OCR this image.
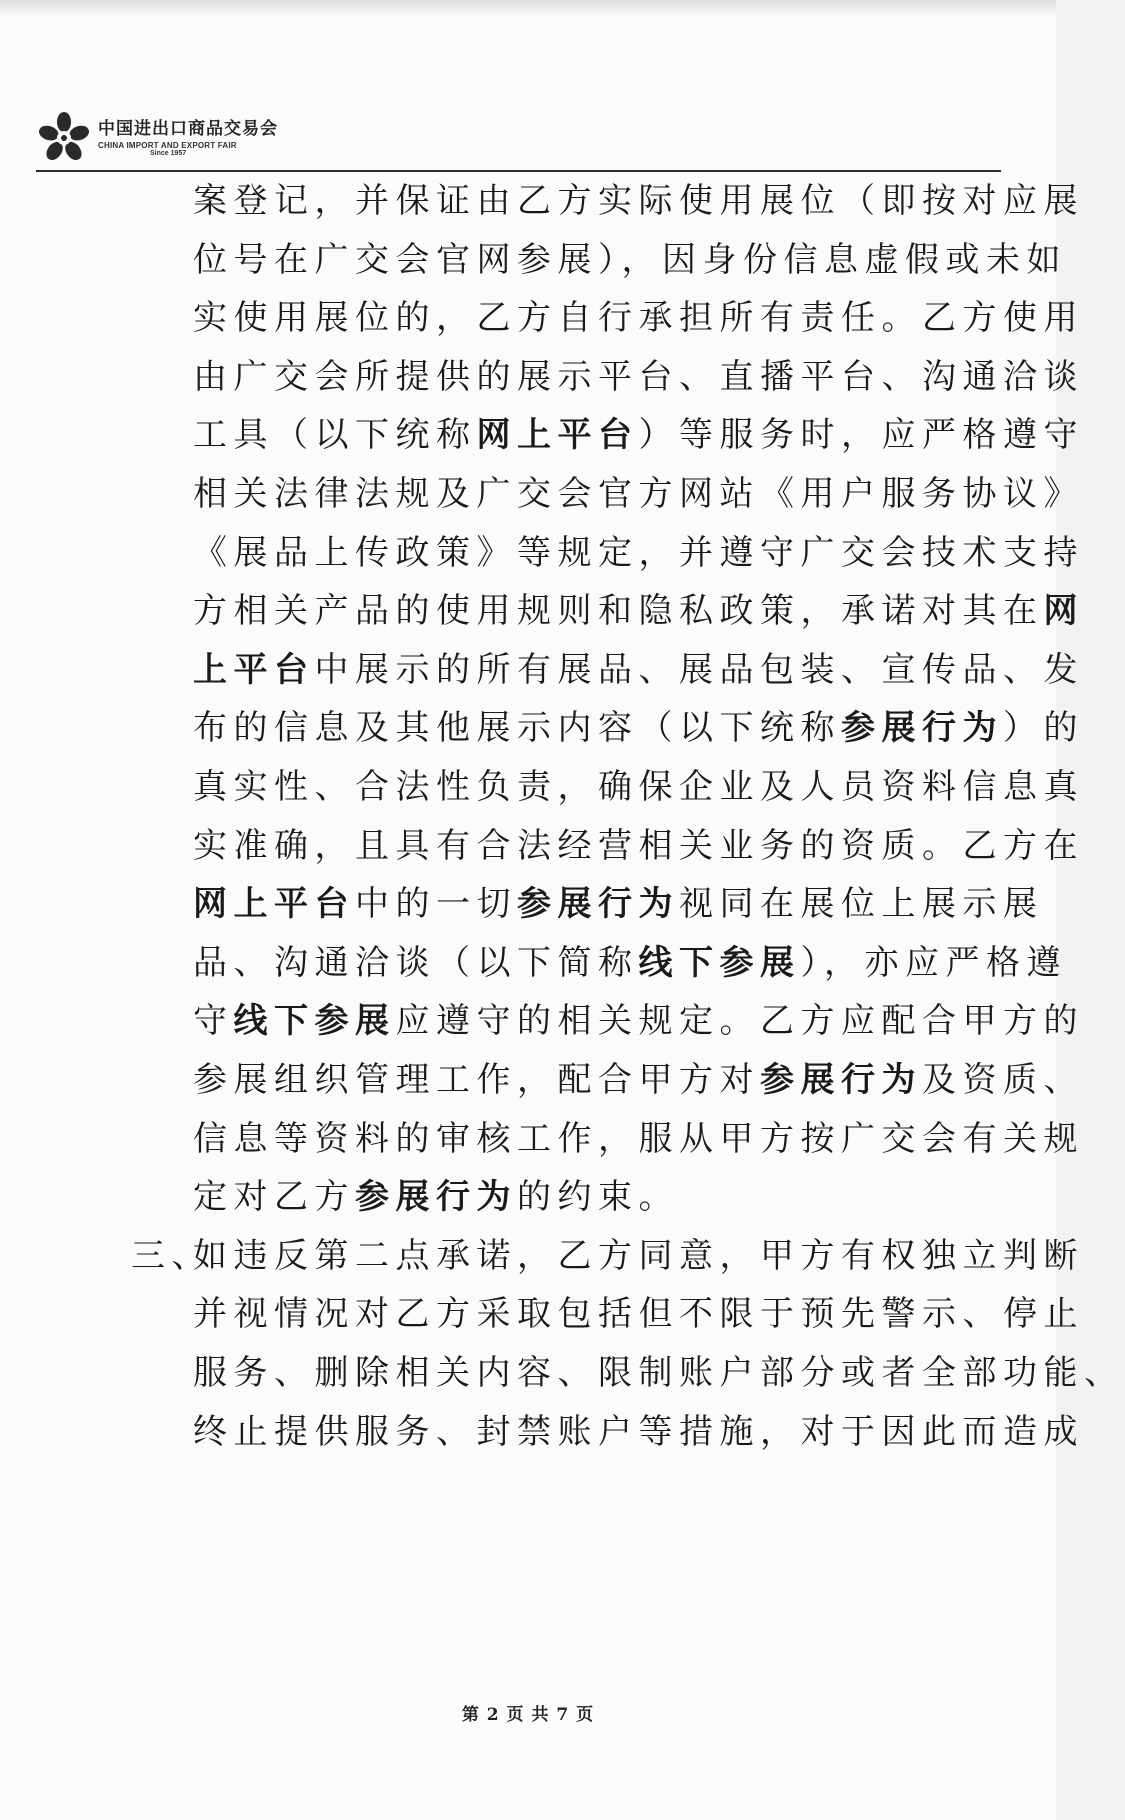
中国进出口商品交易会
CHINA IMPORT AND EXPORT FAIR
Since 1957
案登记，并保证由乙方实际使用展位（即按对应展
位号在广交会官网参展），因身份信息虚假或未如
实使用展位的，乙方自行承担所有责任。乙方使用
由广交会所提供的展示平台、直播平台、沟通洽谈
工具（以下统称网上平台）等服务时，应严格遵守
相关法律法规及广交会官方网站《用户服务协议》
《展品上传政策》等规定，并遵守广交会技术支持
方相关产品的使用规则和隐私政策，承诺对其在网
上平台中展示的所有展品、展品包装、宣传品、发
布的信息及其他展示内容（以下统称参展行为）的
真实性、合法性负责，确保企业及人员资料信息真
实准确，且具有合法经营相关业务的资质。乙方在
网上平台中的一切参展行为视同在展位上展示展
品、沟通洽谈（以下简称线下参展），亦应严格遵
守线下参展应遵守的相关规定。乙方应配合甲方的
参展组织管理工作，配合甲方对参展行为及资质、
信息等资料的审核工作，服从甲方按广交会有关规
定对乙方参展行为的约束。
三、
如违反第二点承诺，乙方同意，甲方有权独立判断
并视情况对乙方采取包括但不限于预先警示、停止
服务、删除相关内容、限制账户部分或者全部功能、
终止提供服务、封禁账户等措施，对于因此而造成
第 2 页 共 7 页
